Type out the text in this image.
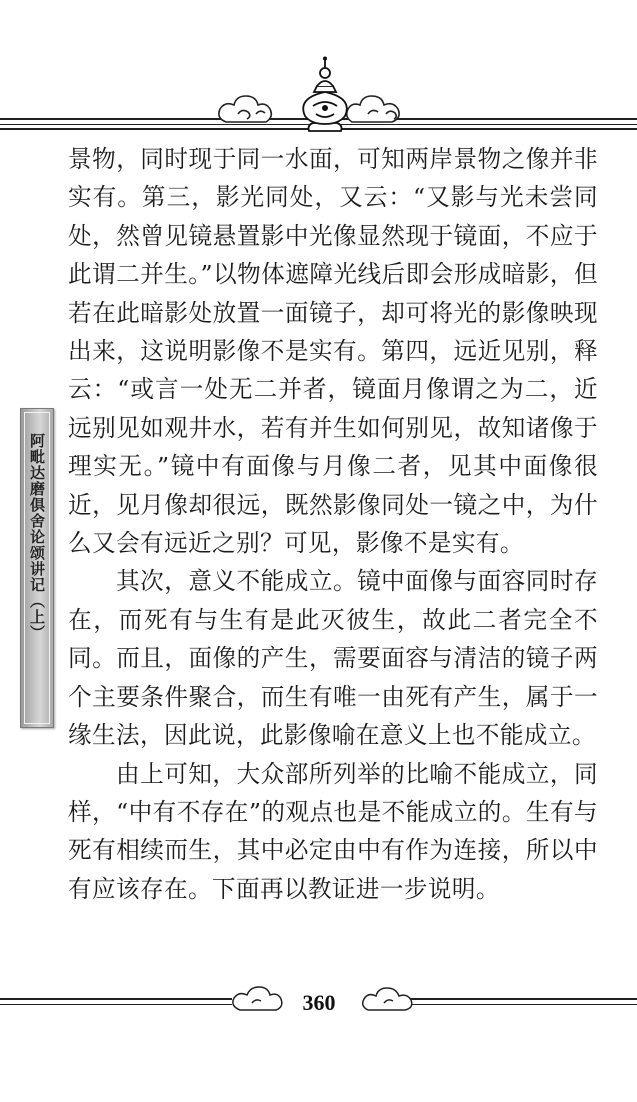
阿毗达磨俱舍论颂讲记（上）

景物，同时现于同一水面，可知两岸景物之像并非实有。第三，影光同处，又云：“又影与光未尝同处，然曾见镜悬置影中光像显然现于镜面，不应于此谓二并生。”以物体遮障光线后即会形成暗影，但若在此暗影处放置一面镜子，却可将光的影像映现出来，这说明影像不是实有。第四，远近见别，释云：“或言一处无二并者，镜面月像谓之为二，近远别见如观井水，若有并生如何别见，故知诸像于理实无。”镜中有面像与月像二者，见其中面像很近，见月像却很远，既然影像同处一镜之中，为什么又会有远近之别？可见，影像不是实有。

其次，意义不能成立。镜中面像与面容同时存在，而死有与生有是此灭彼生，故此二者完全不同。而且，面像的产生，需要面容与清洁的镜子两个主要条件聚合，而生有唯一由死有产生，属于一缘生法，因此说，此影像喻在意义上也不能成立。

由上可知，大众部所列举的比喻不能成立，同样，“中有不存在”的观点也是不能成立的。生有与死有相续而生，其中必定由中有作为连接，所以中有应该存在。下面再以教证进一步说明。

360
